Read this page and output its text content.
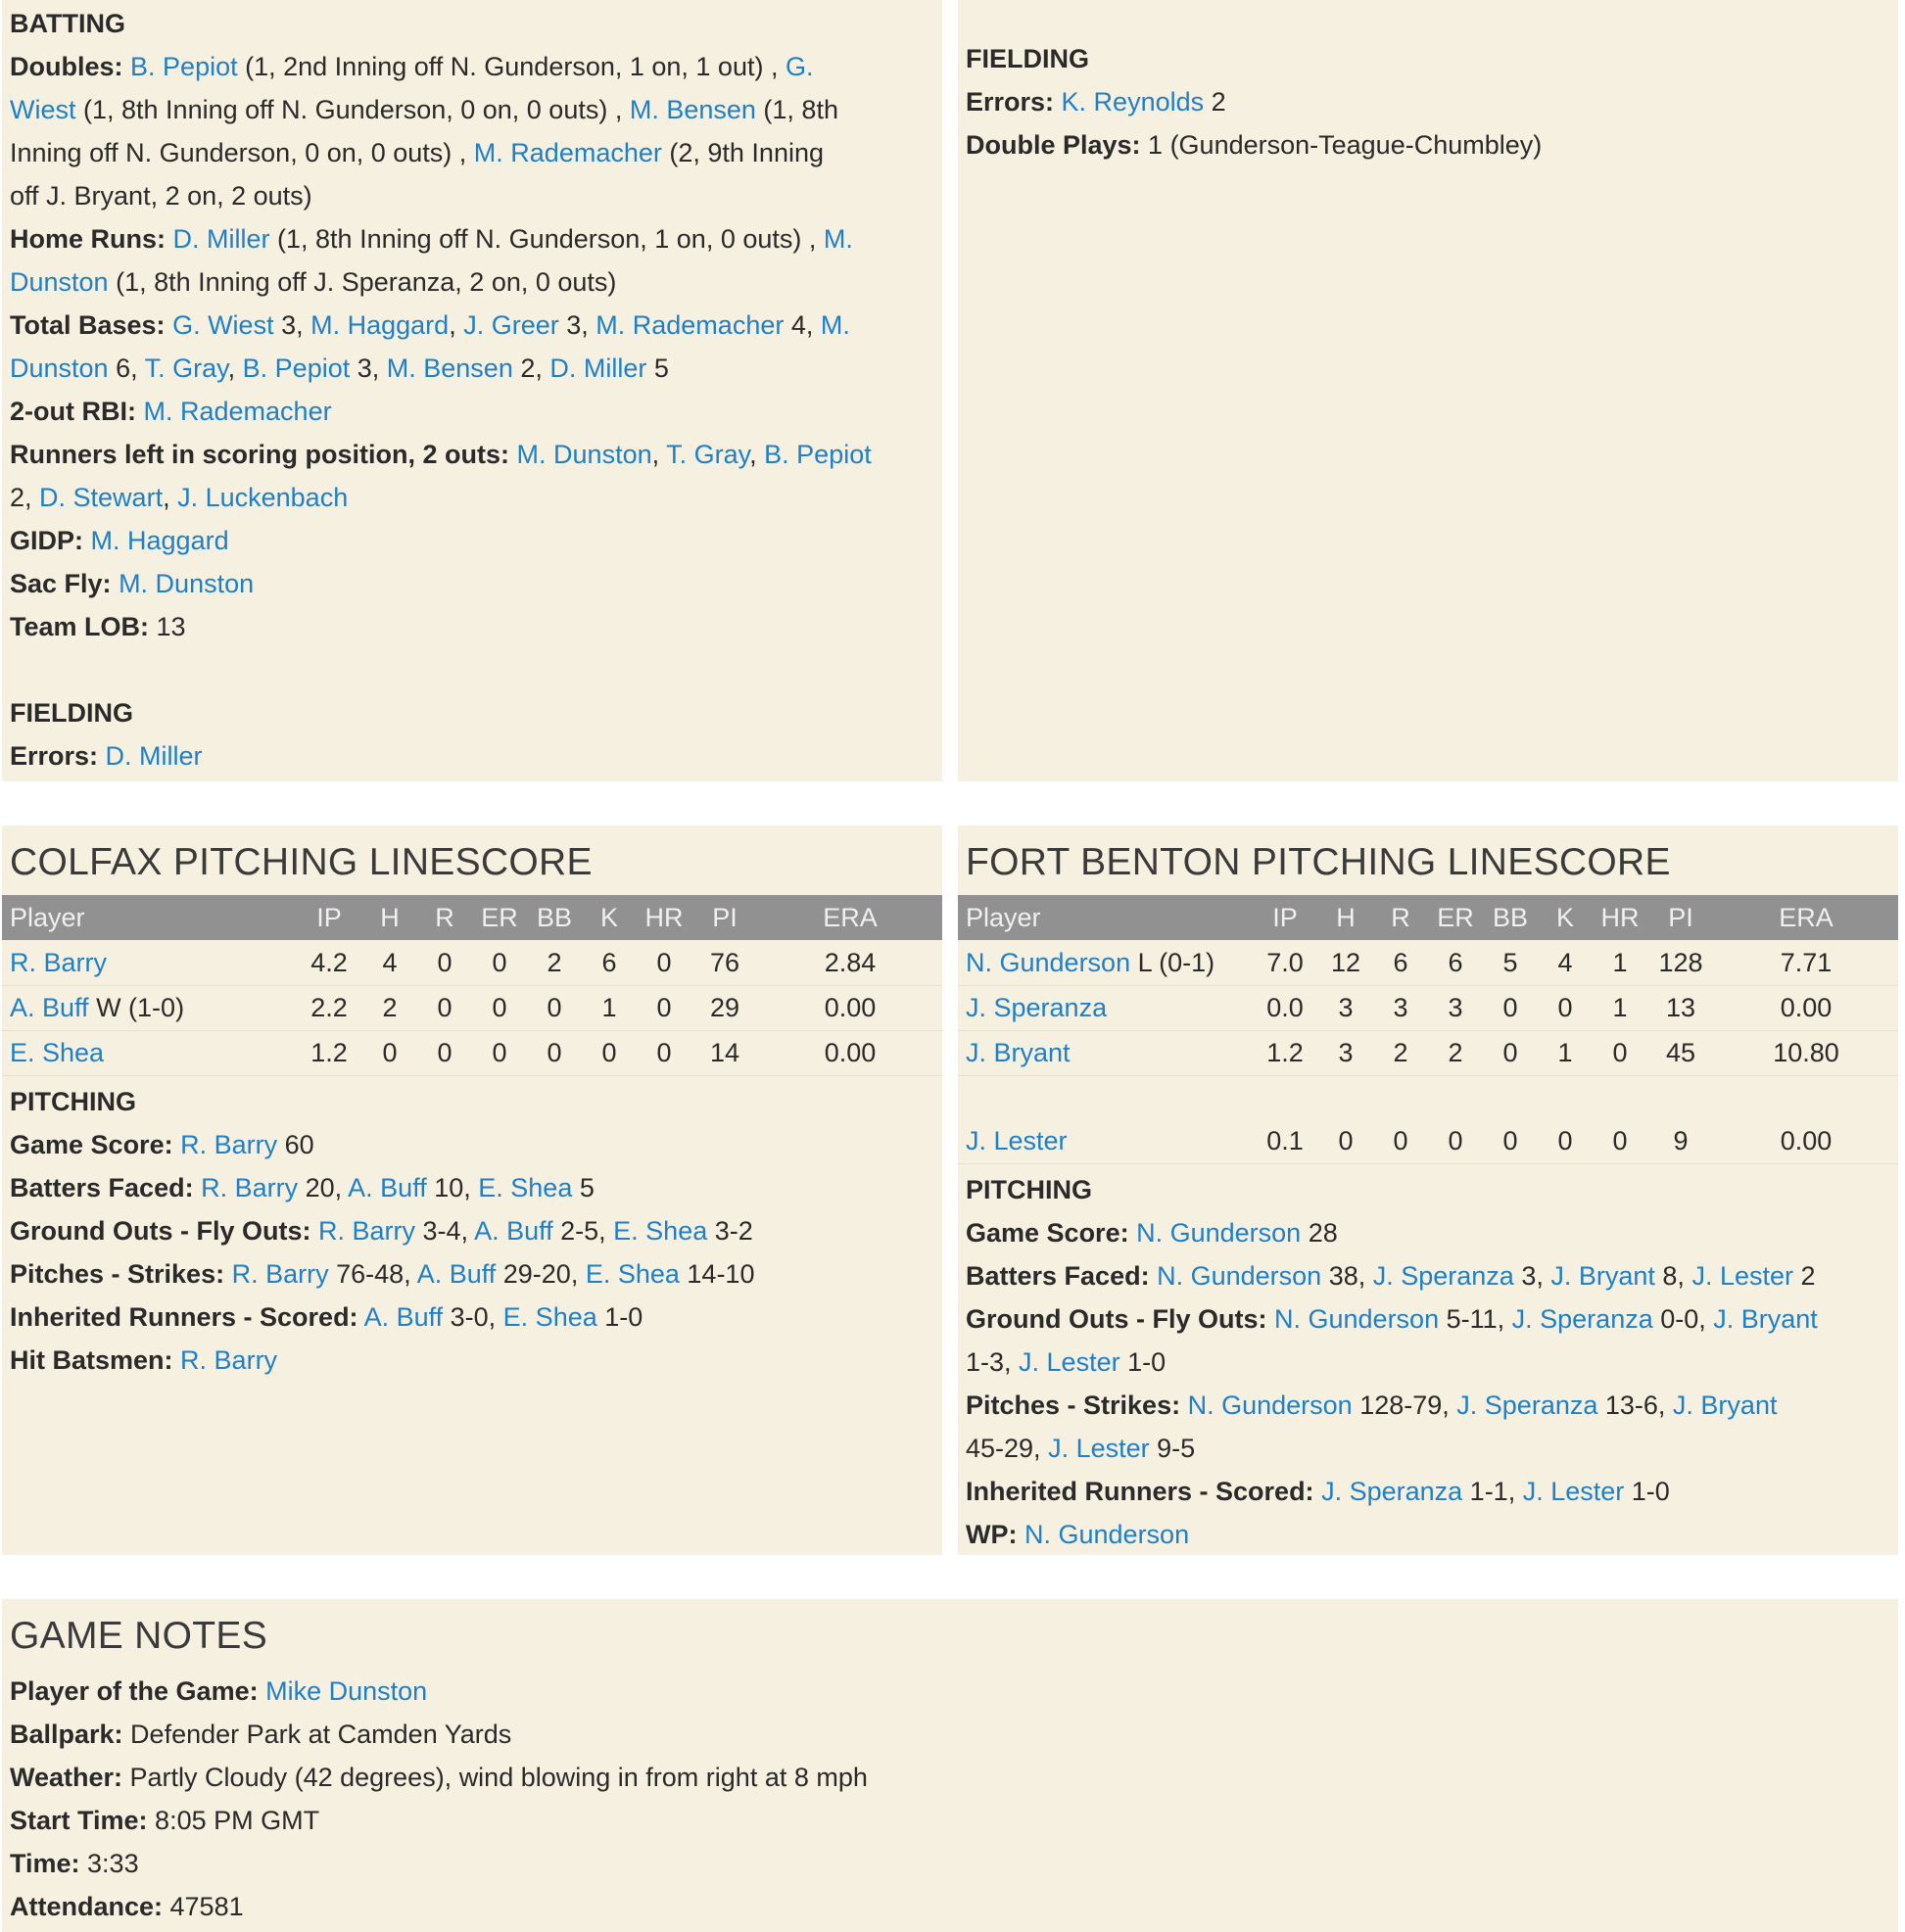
BATTING
Doubles: B. Pepiot (1, 2nd Inning off N. Gunderson, 1 on, 1 out) , G.
Wiest (1, 8th Inning off N. Gunderson, 0 on, 0 outs) , M. Bensen (1, 8th
Inning off N. Gunderson, 0 on, 0 outs) , M. Rademacher (2, 9th Inning
off J. Bryant, 2 on, 2 outs)
Home Runs: D. Miller (1, 8th Inning off N. Gunderson, 1 on, 0 outs) , M.
Dunston (1, 8th Inning off J. Speranza, 2 on, 0 outs)
Total Bases: G. Wiest 3, M. Haggard, J. Greer 3, M. Rademacher 4, M.
Dunston 6, T. Gray, B. Pepiot 3, M. Bensen 2, D. Miller 5
2-out RBI: M. Rademacher
Runners left in scoring position, 2 outs: M. Dunston, T. Gray, B. Pepiot
2, D. Stewart, J. Luckenbach
GIDP: M. Haggard
Sac Fly: M. Dunston
Team LOB: 13
FIELDING
Errors: D. Miller
FIELDING
Errors: K. Reynolds 2
Double Plays: 1 (Gunderson-Teague-Chumbley)
COLFAX PITCHING LINESCORE
Player	IP	H	R	ER	BB	K	HR	PI	ERA
R. Barry	4.2	4	0	0	2	6	0	76	2.84
A. Buff W (1-0)	2.2	2	0	0	0	1	0	29	0.00
E. Shea	1.2	0	0	0	0	0	0	14	0.00
PITCHING
Game Score: R. Barry 60
Batters Faced: R. Barry 20, A. Buff 10, E. Shea 5
Ground Outs - Fly Outs: R. Barry 3-4, A. Buff 2-5, E. Shea 3-2
Pitches - Strikes: R. Barry 76-48, A. Buff 29-20, E. Shea 14-10
Inherited Runners - Scored: A. Buff 3-0, E. Shea 1-0
Hit Batsmen: R. Barry
FORT BENTON PITCHING LINESCORE
Player	IP	H	R	ER	BB	K	HR	PI	ERA
N. Gunderson L (0-1)	7.0	12	6	6	5	4	1	128	7.71
J. Speranza	0.0	3	3	3	0	0	1	13	0.00
J. Bryant	1.2	3	2	2	0	1	0	45	10.80
J. Lester	0.1	0	0	0	0	0	0	9	0.00
PITCHING
Game Score: N. Gunderson 28
Batters Faced: N. Gunderson 38, J. Speranza 3, J. Bryant 8, J. Lester 2
Ground Outs - Fly Outs: N. Gunderson 5-11, J. Speranza 0-0, J. Bryant
1-3, J. Lester 1-0
Pitches - Strikes: N. Gunderson 128-79, J. Speranza 13-6, J. Bryant
45-29, J. Lester 9-5
Inherited Runners - Scored: J. Speranza 1-1, J. Lester 1-0
WP: N. Gunderson
GAME NOTES
Player of the Game: Mike Dunston
Ballpark: Defender Park at Camden Yards
Weather: Partly Cloudy (42 degrees), wind blowing in from right at 8 mph
Start Time: 8:05 PM GMT
Time: 3:33
Attendance: 47581
